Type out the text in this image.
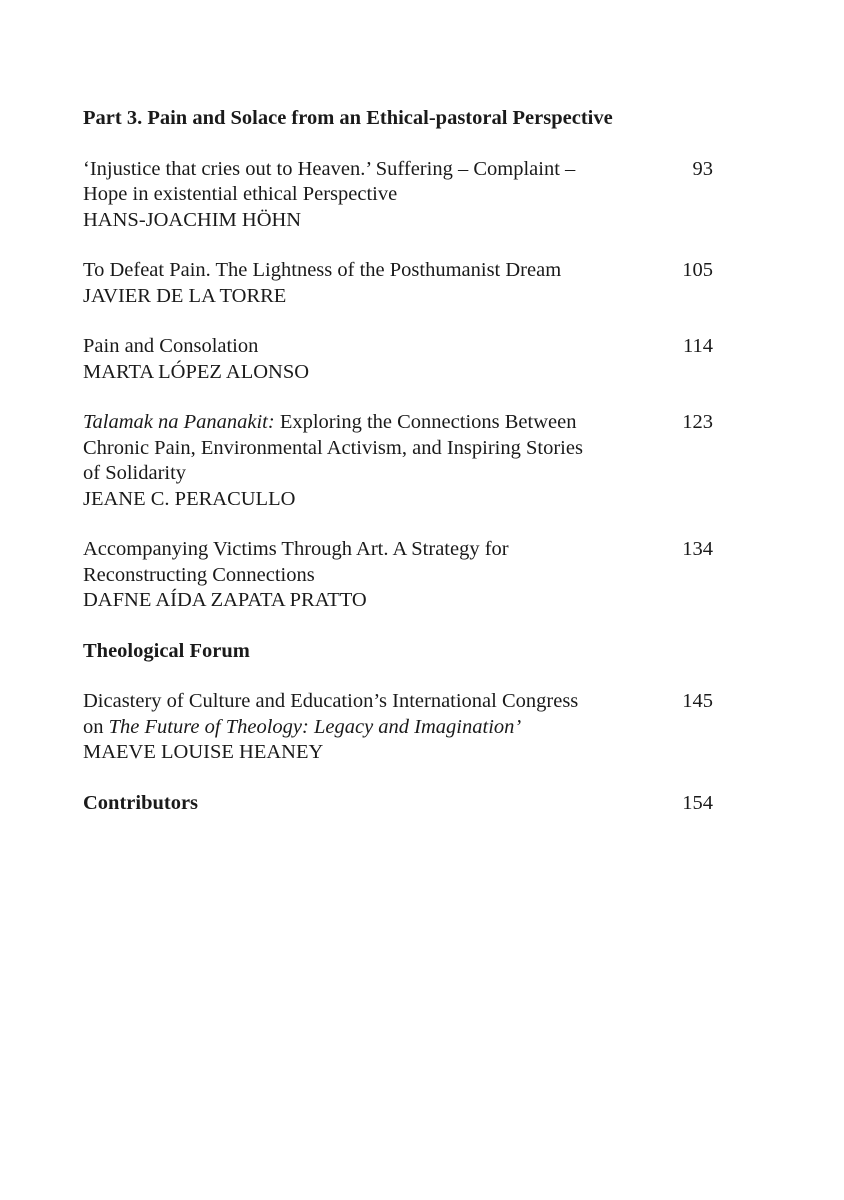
Part 3. Pain and Solace from an Ethical-pastoral Perspective

‘Injustice that cries out to Heaven.’ Suffering – Complaint –
Hope in existential ethical Perspective
HANS-JOACHIM HÖHN
93
To Defeat Pain. The Lightness of the Posthumanist Dream
JAVIER DE LA TORRE
105
Pain and Consolation
MARTA LÓPEZ ALONSO
114
Talamak na Pananakit: Exploring the Connections Between
Chronic Pain, Environmental Activism, and Inspiring Stories
of Solidarity
JEANE C. PERACULLO
123
Accompanying Victims Through Art. A Strategy for
Reconstructing Connections
DAFNE AÍDA ZAPATA PRATTO
134

Theological Forum

Dicastery of Culture and Education’s International Congress
on The Future of Theology: Legacy and Imagination’
MAEVE LOUISE HEANEY
145
Contributors	154
